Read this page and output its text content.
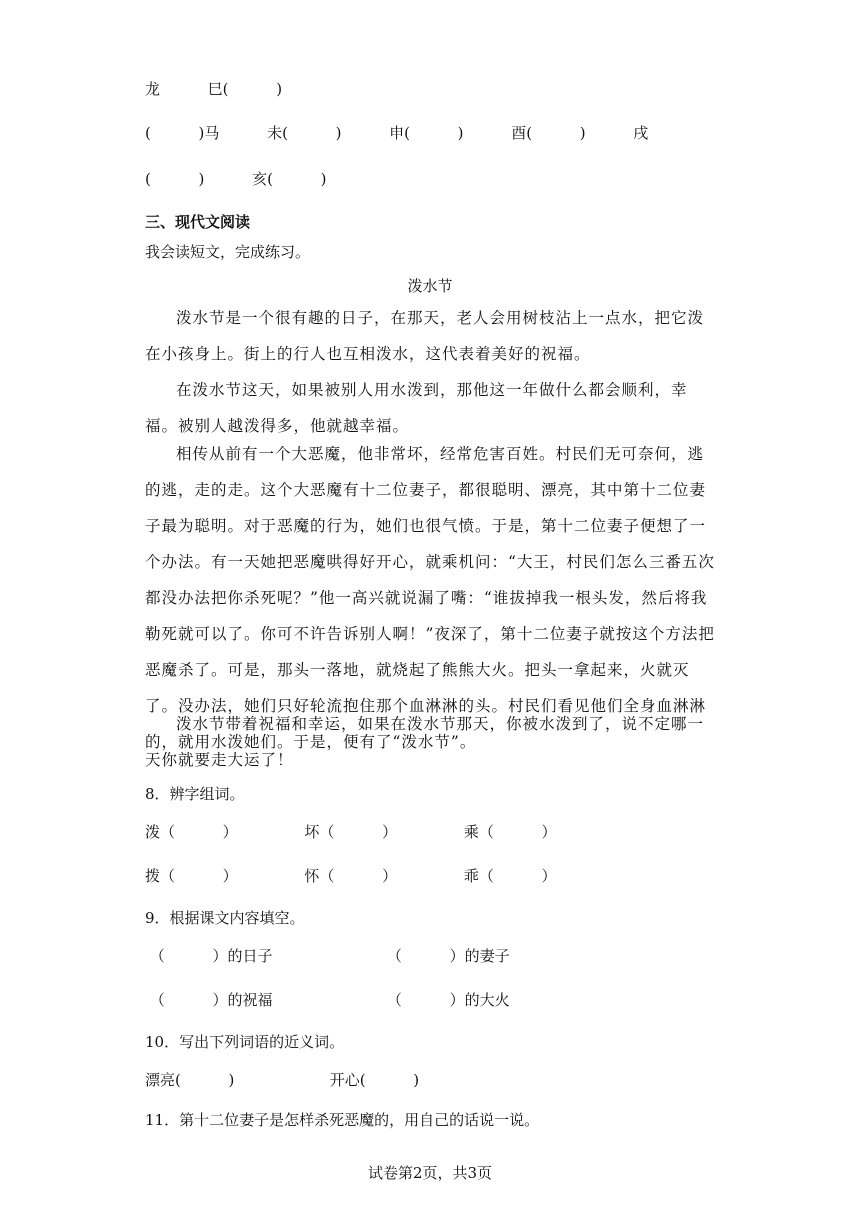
龙          巳(          )
(          )马          未(          )          申(          )          酉(          )          戌
(          )          亥(          )
三、现代文阅读
我会读短文，完成练习。
泼水节

泼水节是一个很有趣的日子，在那天，老人会用树枝沾上一点水，把它泼在小孩身上。街上的行人也互相泼水，这代表着美好的祝福。

在泼水节这天，如果被别人用水泼到，那他这一年做什么都会顺利，幸福。被别人越泼得多，他就越幸福。

相传从前有一个大恶魔，他非常坏，经常危害百姓。村民们无可奈何，逃的逃，走的走。这个大恶魔有十二位妻子，都很聪明、漂亮，其中第十二位妻子最为聪明。对于恶魔的行为，她们也很气愤。于是，第十二位妻子便想了一个办法。有一天她把恶魔哄得好开心，就乘机问：“大王，村民们怎么三番五次都没办法把你杀死呢？”他一高兴就说漏了嘴：“谁拔掉我一根头发，然后将我勒死就可以了。你可不许告诉别人啊！”夜深了，第十二位妻子就按这个方法把恶魔杀了。可是，那头一落地，就烧起了熊熊大火。把头一拿起来，火就灭了。没办法，她们只好轮流抱住那个血淋淋的头。村民们看见他们全身血淋淋的，就用水泼她们。于是，便有了“泼水节”。

泼水节带着祝福和幸运，如果在泼水节那天，你被水泼到了，说不定哪一天你就要走大运了！

8．辨字组词。
泼（          ）              坏（          ）              乘（          ）
拨（          ）              怀（          ）              乖（          ）
9．根据课文内容填空。
（          ）的日子                        （          ）的妻子
（          ）的祝福                        （          ）的大火
10．写出下列词语的近义词。
漂亮(          )                    开心(          )
11．第十二位妻子是怎样杀死恶魔的，用自己的话说一说。
试卷第2页，共3页
